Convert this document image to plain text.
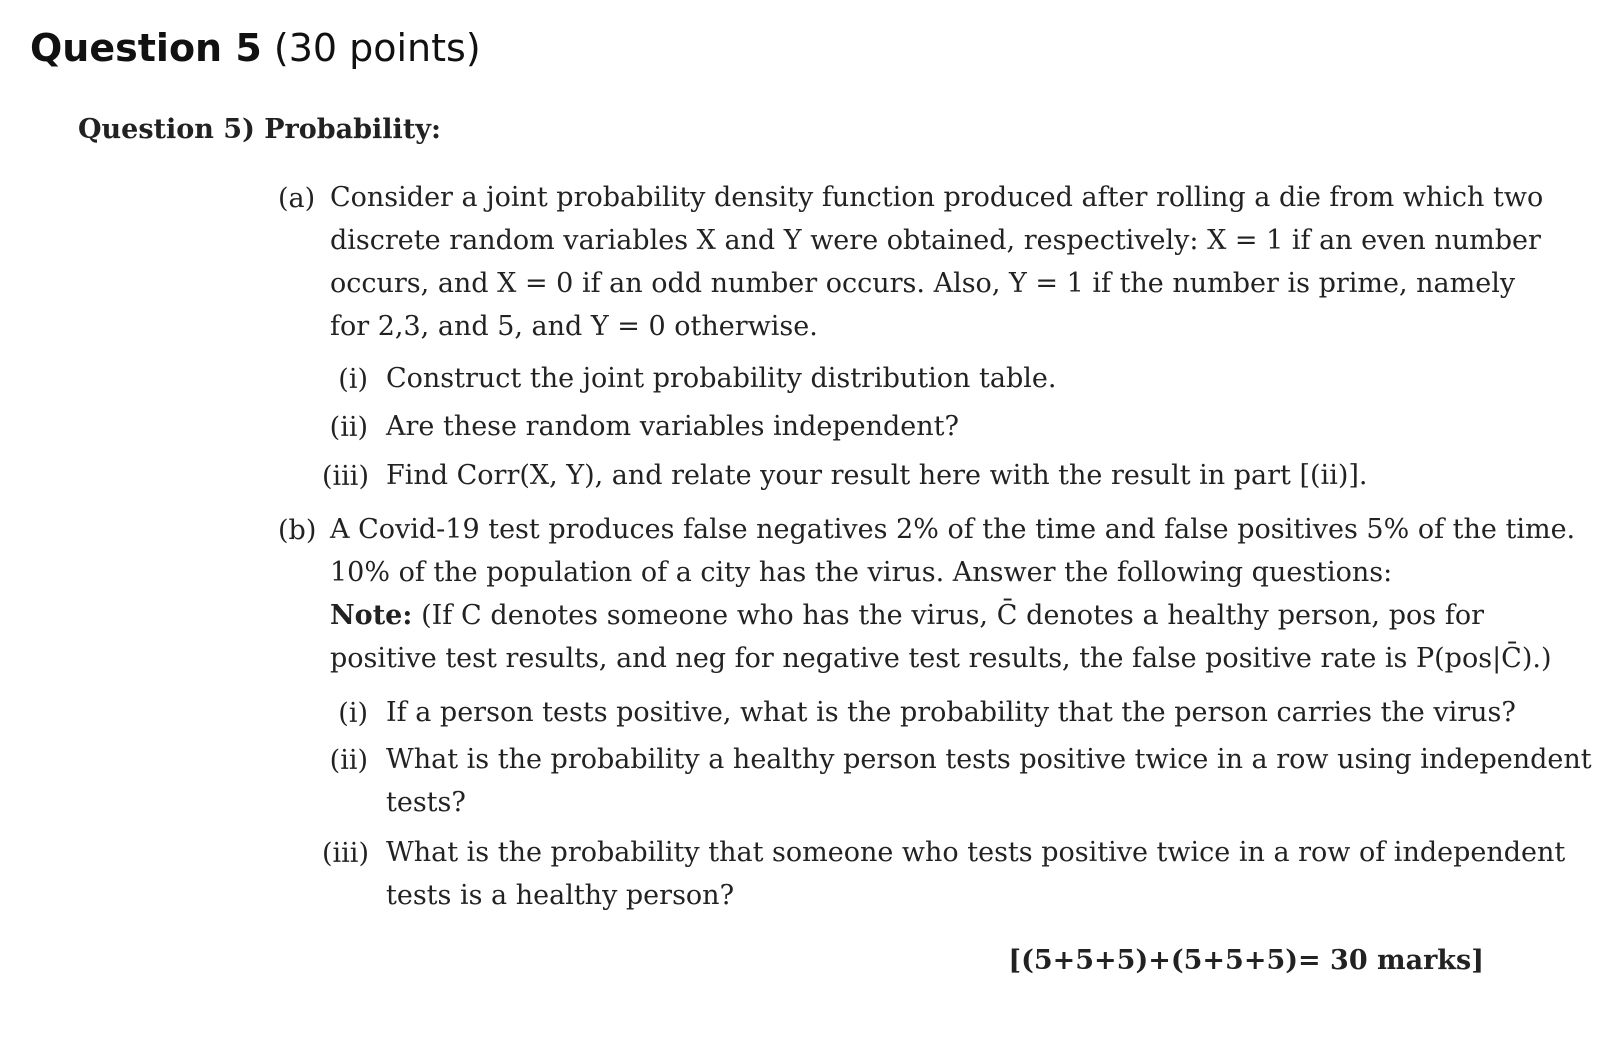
Question 5 (30 points)
Question 5) Probability:
(a) Consider a joint probability density function produced after rolling a die from which two
discrete random variables X and Y were obtained, respectively: X = 1 if an even number
occurs, and X = 0 if an odd number occurs. Also, Y = 1 if the number is prime, namely
for 2,3, and 5, and Y = 0 otherwise.
(i) Construct the joint probability distribution table.
(ii) Are these random variables independent?
(iii) Find Corr(X, Y), and relate your result here with the result in part [(ii)].
(b) A Covid-19 test produces false negatives 2% of the time and false positives 5% of the time.
10% of the population of a city has the virus. Answer the following questions:
Note: (If C denotes someone who has the virus, C̄ denotes a healthy person, pos for
positive test results, and neg for negative test results, the false positive rate is P(pos|C̄).)
(i) If a person tests positive, what is the probability that the person carries the virus?
(ii) What is the probability a healthy person tests positive twice in a row using independent
tests?
(iii) What is the probability that someone who tests positive twice in a row of independent
tests is a healthy person?
[(5+5+5)+(5+5+5)= 30 marks]
